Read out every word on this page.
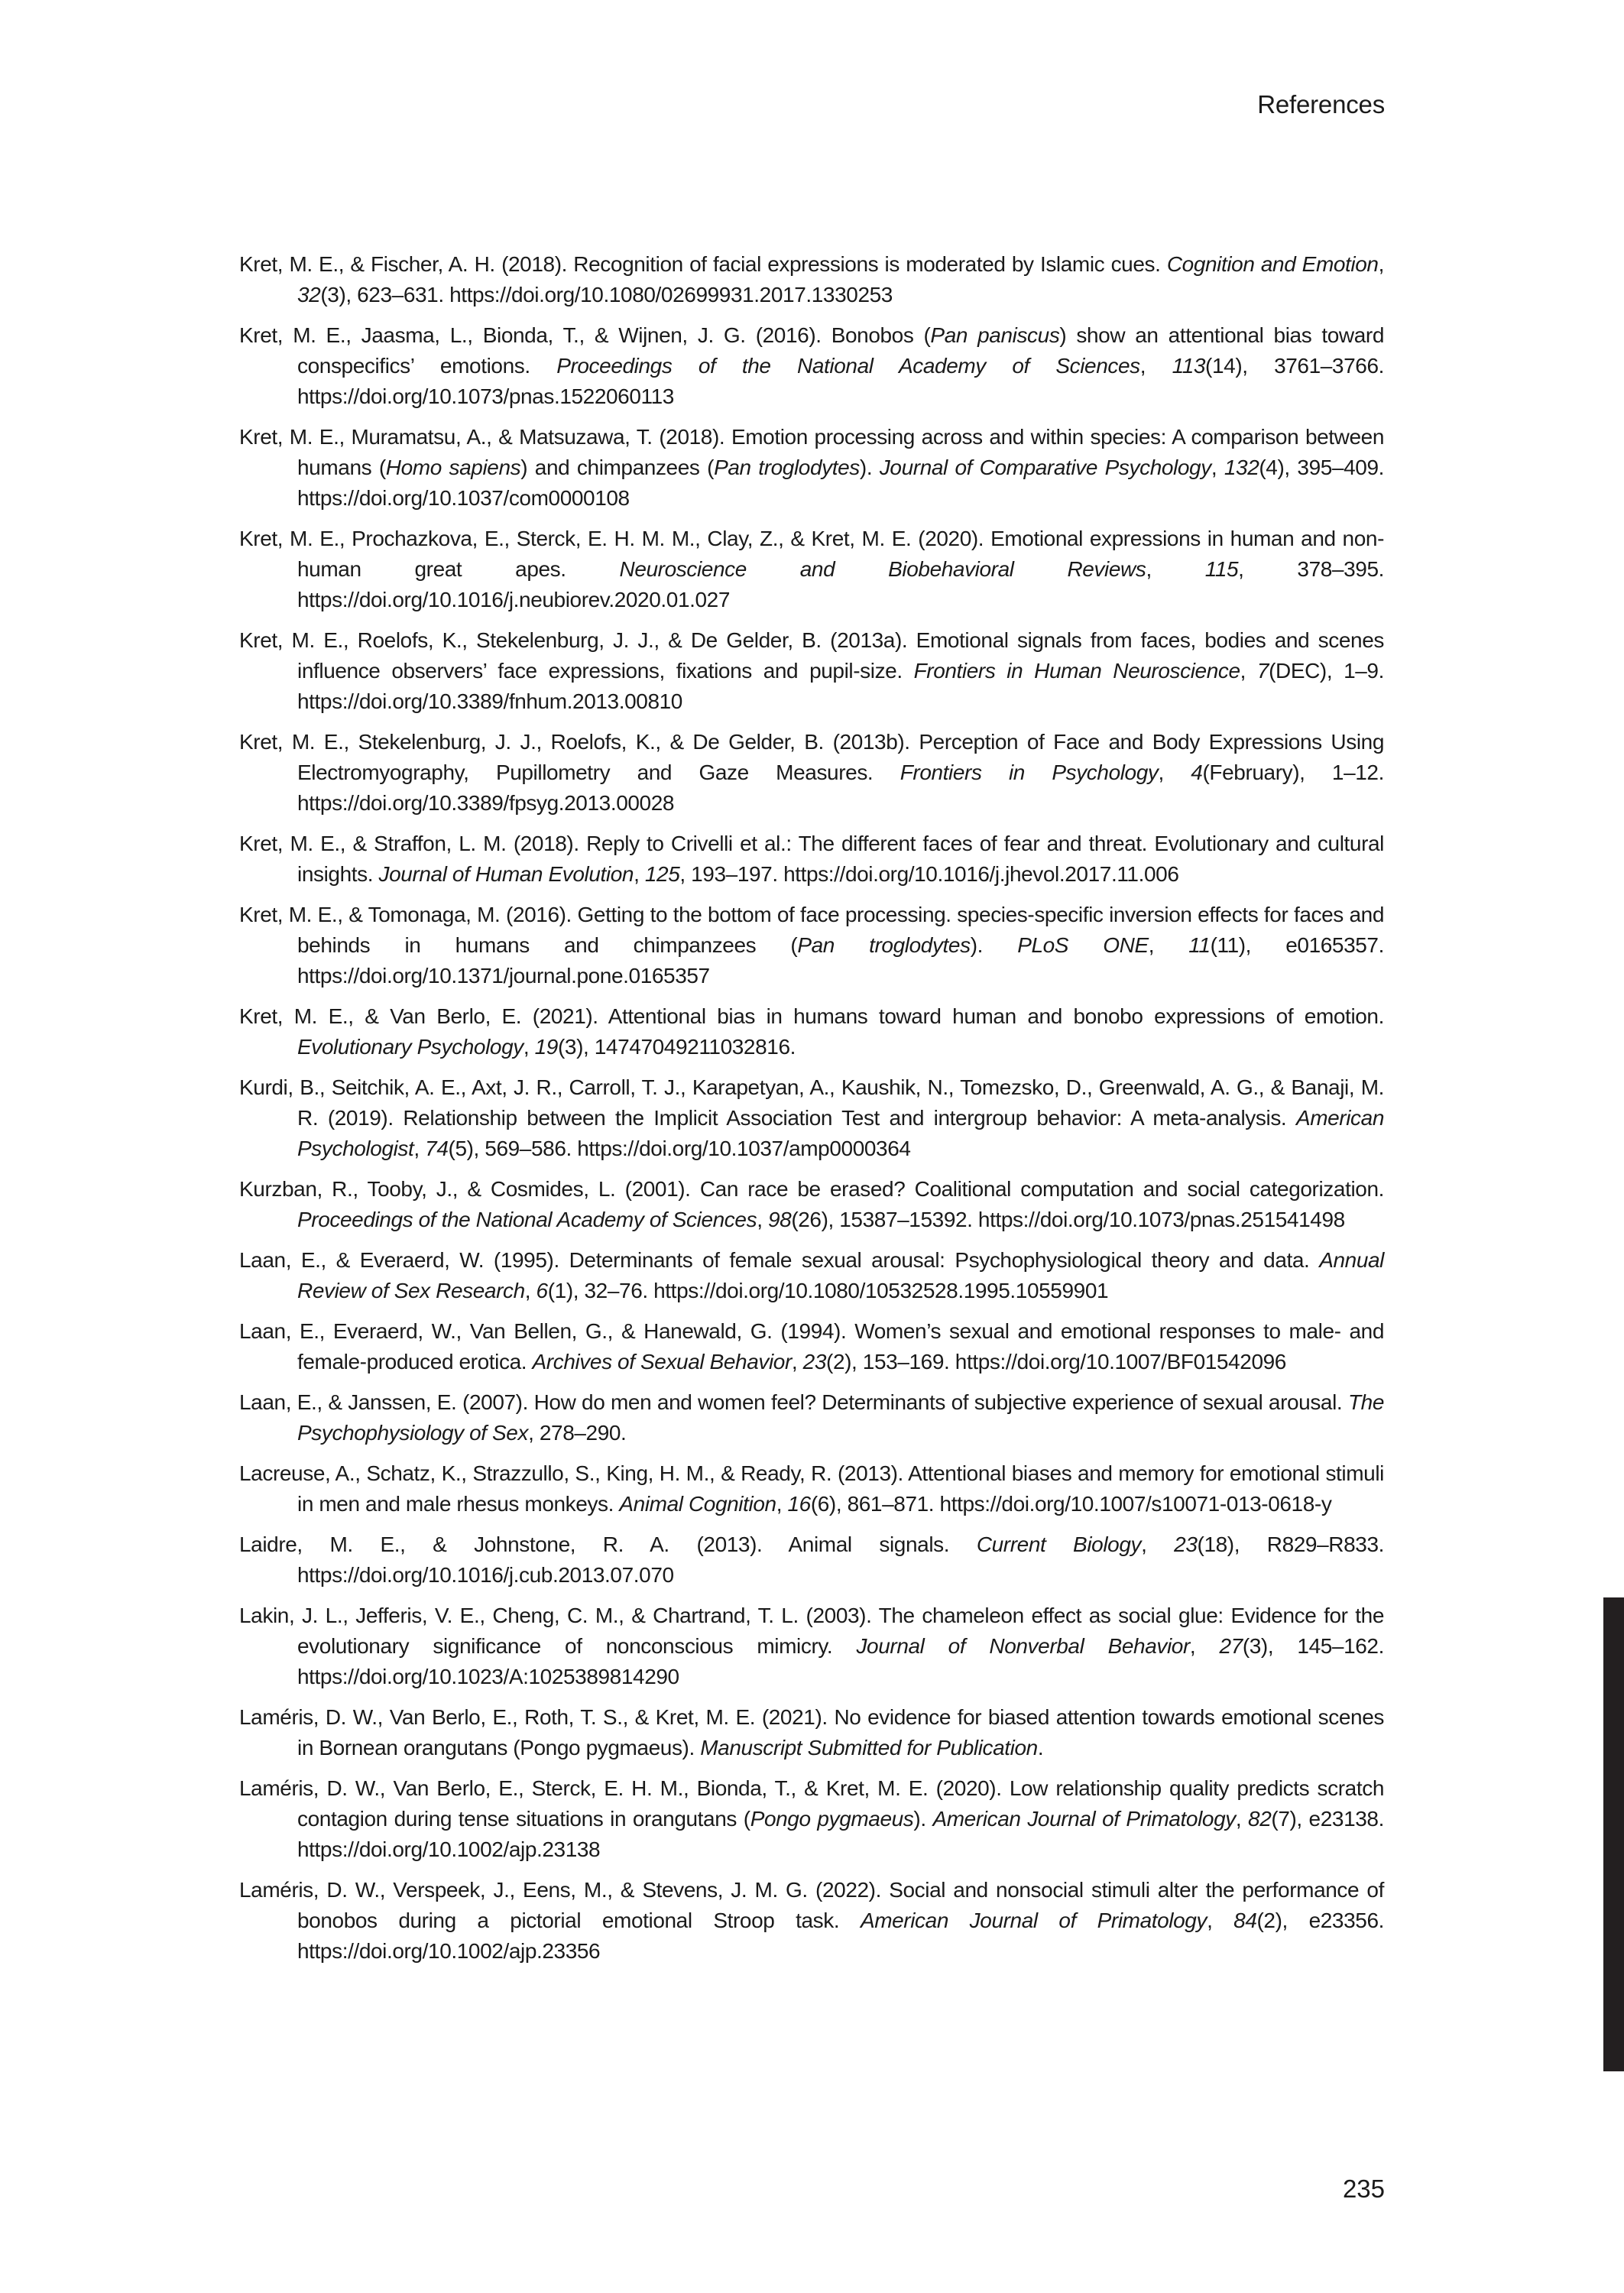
References
Kret, M. E., & Fischer, A. H. (2018). Recognition of facial expressions is moderated by Islamic cues. Cognition and Emotion, 32(3), 623–631. https://doi.org/10.1080/02699931.2017.1330253
Kret, M. E., Jaasma, L., Bionda, T., & Wijnen, J. G. (2016). Bonobos (Pan paniscus) show an attentional bias toward conspecifics’ emotions. Proceedings of the National Academy of Sciences, 113(14), 3761–3766. https://doi.org/10.1073/pnas.1522060113
Kret, M. E., Muramatsu, A., & Matsuzawa, T. (2018). Emotion processing across and within species: A comparison between humans (Homo sapiens) and chimpanzees (Pan troglodytes). Journal of Comparative Psychology, 132(4), 395–409. https://doi.org/10.1037/com0000108
Kret, M. E., Prochazkova, E., Sterck, E. H. M. M., Clay, Z., & Kret, M. E. (2020). Emotional expressions in human and non-human great apes. Neuroscience and Biobehavioral Reviews, 115, 378–395. https://doi.org/10.1016/j.neubiorev.2020.01.027
Kret, M. E., Roelofs, K., Stekelenburg, J. J., & De Gelder, B. (2013a). Emotional signals from faces, bodies and scenes influence observers’ face expressions, fixations and pupil-size. Frontiers in Human Neuroscience, 7(DEC), 1–9. https://doi.org/10.3389/fnhum.2013.00810
Kret, M. E., Stekelenburg, J. J., Roelofs, K., & De Gelder, B. (2013b). Perception of Face and Body Expressions Using Electromyography, Pupillometry and Gaze Measures. Frontiers in Psychology, 4(February), 1–12. https://doi.org/10.3389/fpsyg.2013.00028
Kret, M. E., & Straffon, L. M. (2018). Reply to Crivelli et al.: The different faces of fear and threat. Evolutionary and cultural insights. Journal of Human Evolution, 125, 193–197. https://doi.org/10.1016/j.jhevol.2017.11.006
Kret, M. E., & Tomonaga, M. (2016). Getting to the bottom of face processing. species-specific inversion effects for faces and behinds in humans and chimpanzees (Pan troglodytes). PLoS ONE, 11(11), e0165357. https://doi.org/10.1371/journal.pone.0165357
Kret, M. E., & Van Berlo, E. (2021). Attentional bias in humans toward human and bonobo expressions of emotion. Evolutionary Psychology, 19(3), 14747049211032816.
Kurdi, B., Seitchik, A. E., Axt, J. R., Carroll, T. J., Karapetyan, A., Kaushik, N., Tomezsko, D., Greenwald, A. G., & Banaji, M. R. (2019). Relationship between the Implicit Association Test and intergroup behavior: A meta-analysis. American Psychologist, 74(5), 569–586. https://doi.org/10.1037/amp0000364
Kurzban, R., Tooby, J., & Cosmides, L. (2001). Can race be erased? Coalitional computation and social categorization. Proceedings of the National Academy of Sciences, 98(26), 15387–15392. https://doi.org/10.1073/pnas.251541498
Laan, E., & Everaerd, W. (1995). Determinants of female sexual arousal: Psychophysiological theory and data. Annual Review of Sex Research, 6(1), 32–76. https://doi.org/10.1080/10532528.1995.10559901
Laan, E., Everaerd, W., Van Bellen, G., & Hanewald, G. (1994). Women’s sexual and emotional responses to male- and female-produced erotica. Archives of Sexual Behavior, 23(2), 153–169. https://doi.org/10.1007/BF01542096
Laan, E., & Janssen, E. (2007). How do men and women feel? Determinants of subjective experience of sexual arousal. The Psychophysiology of Sex, 278–290.
Lacreuse, A., Schatz, K., Strazzullo, S., King, H. M., & Ready, R. (2013). Attentional biases and memory for emotional stimuli in men and male rhesus monkeys. Animal Cognition, 16(6), 861–871. https://doi.org/10.1007/s10071-013-0618-y
Laidre, M. E., & Johnstone, R. A. (2013). Animal signals. Current Biology, 23(18), R829–R833. https://doi.org/10.1016/j.cub.2013.07.070
Lakin, J. L., Jefferis, V. E., Cheng, C. M., & Chartrand, T. L. (2003). The chameleon effect as social glue: Evidence for the evolutionary significance of nonconscious mimicry. Journal of Nonverbal Behavior, 27(3), 145–162. https://doi.org/10.1023/A:1025389814290
Laméris, D. W., Van Berlo, E., Roth, T. S., & Kret, M. E. (2021). No evidence for biased attention towards emotional scenes in Bornean orangutans (Pongo pygmaeus). Manuscript Submitted for Publication.
Laméris, D. W., Van Berlo, E., Sterck, E. H. M., Bionda, T., & Kret, M. E. (2020). Low relationship quality predicts scratch contagion during tense situations in orangutans (Pongo pygmaeus). American Journal of Primatology, 82(7), e23138. https://doi.org/10.1002/ajp.23138
Laméris, D. W., Verspeek, J., Eens, M., & Stevens, J. M. G. (2022). Social and nonsocial stimuli alter the performance of bonobos during a pictorial emotional Stroop task. American Journal of Primatology, 84(2), e23356. https://doi.org/10.1002/ajp.23356
235
